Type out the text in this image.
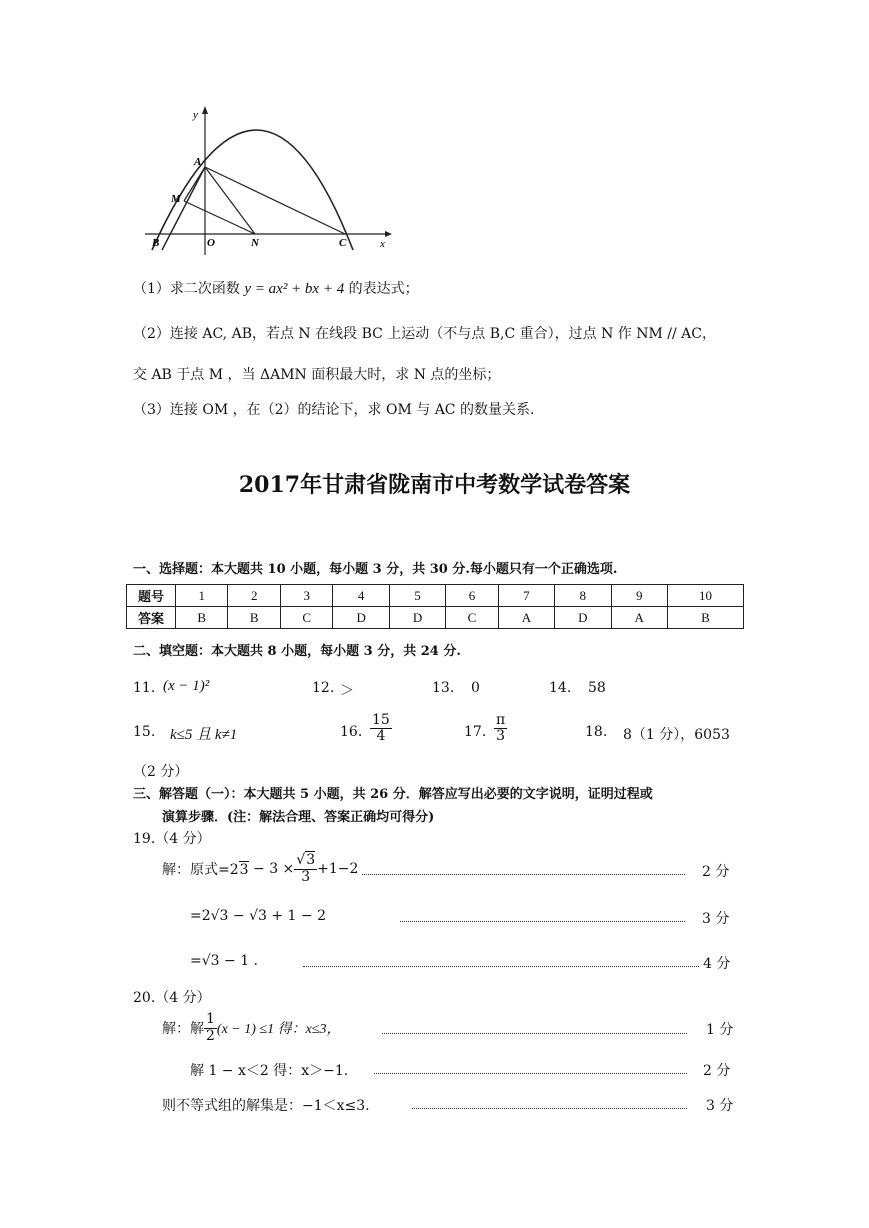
y
x
A
M
B	O	N	C
（1）求二次函数 y = ax² + bx + 4 的表达式；
（2）连接 AC, AB，若点 N 在线段 BC 上运动（不与点 B,C 重合），过点 N 作 NM // AC，
交 AB 于点 M ，当 ΔAMN 面积最大时，求 N 点的坐标；
（3）连接 OM ，在（2）的结论下，求 OM 与 AC 的数量关系.
2017年甘肃省陇南市中考数学试卷答案
一、选择题：本大题共 10 小题，每小题 3 分，共 30 分.每小题只有一个正确选项.
题号	1	2	3	4	5	6	7	8	9	10
答案	B	B	C	D	D	C	A	D	A	B
二、填空题：本大题共 8 小题，每小题 3 分，共 24 分.
11. (x − 1)²	12. ＞	13. 0	14. 58
15. k≤5 且 k≠1	16. $\frac{15}{4}$	17. $\frac{\pi}{3}$	18. 8（1 分），6053
（2 分）
三、解答题（一）：本大题共 5 小题，共 26 分．解答应写出必要的文字说明，证明过程或
演算步骤．(注：解法合理、答案正确均可得分)
19.（4 分）
解：原式=2 $3 - 3 \times \frac{√3}{3} +1-2$	2 分
=2√3 − √3 + 1 − 2	3 分
=√3 − 1 .	4 分
20.（4 分）
解：解 $\frac{1}{2} (x - 1) \le 1$ 得：x≤3，	1 分
解 1 − x＜2 得：x＞−1.	2 分
则不等式组的解集是：−1＜x≤3.	3 分
